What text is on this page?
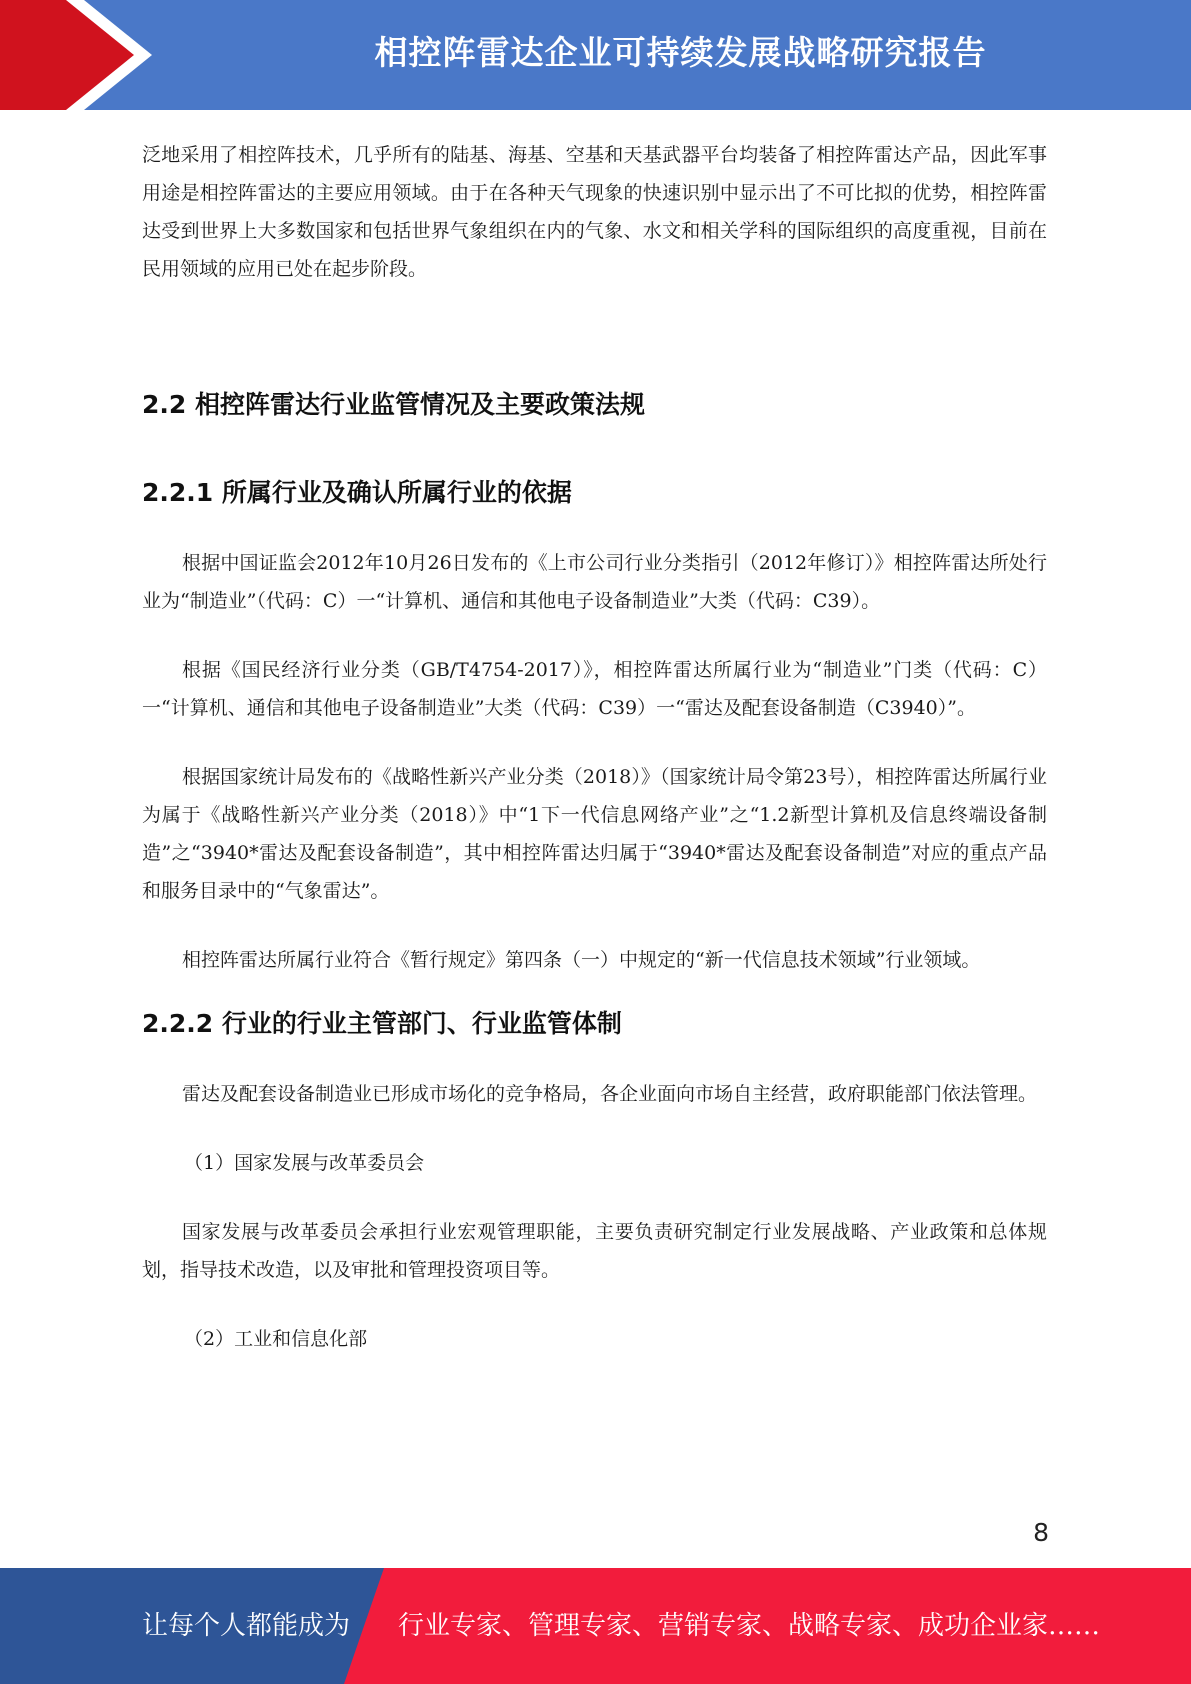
相控阵雷达企业可持续发展战略研究报告

泛地采用了相控阵技术，几乎所有的陆基、海基、空基和天基武器平台均装备了相控阵雷达产品，因此军事用途是相控阵雷达的主要应用领域。由于在各种天气现象的快速识别中显示出了不可比拟的优势，相控阵雷达受到世界上大多数国家和包括世界气象组织在内的气象、水文和相关学科的国际组织的高度重视，目前在民用领域的应用已处在起步阶段。

2.2 相控阵雷达行业监管情况及主要政策法规
2.2.1 所属行业及确认所属行业的依据

根据中国证监会2012年10月26日发布的《上市公司行业分类指引（2012年修订）》相控阵雷达所处行业为“制造业”（代码：C）一“计算机、通信和其他电子设备制造业”大类（代码：C39）。

根据《国民经济行业分类（GB/T4754-2017）》，相控阵雷达所属行业为“制造业”门类（代码：C）一“计算机、通信和其他电子设备制造业”大类（代码：C39）一“雷达及配套设备制造（C3940）”。

根据国家统计局发布的《战略性新兴产业分类（2018）》（国家统计局令第23号），相控阵雷达所属行业为属于《战略性新兴产业分类（2018）》中“1下一代信息网络产业”之“1.2新型计算机及信息终端设备制造”之“3940*雷达及配套设备制造”，其中相控阵雷达归属于“3940*雷达及配套设备制造”对应的重点产品和服务目录中的“气象雷达”。

相控阵雷达所属行业符合《暂行规定》第四条（一）中规定的“新一代信息技术领域”行业领域。

2.2.2 行业的行业主管部门、行业监管体制

雷达及配套设备制造业已形成市场化的竞争格局，各企业面向市场自主经营，政府职能部门依法管理。

（1）国家发展与改革委员会

国家发展与改革委员会承担行业宏观管理职能，主要负责研究制定行业发展战略、产业政策和总体规划，指导技术改造，以及审批和管理投资项目等。

（2）工业和信息化部

8
让每个人都能成为 行业专家、管理专家、营销专家、战略专家、成功企业家……
